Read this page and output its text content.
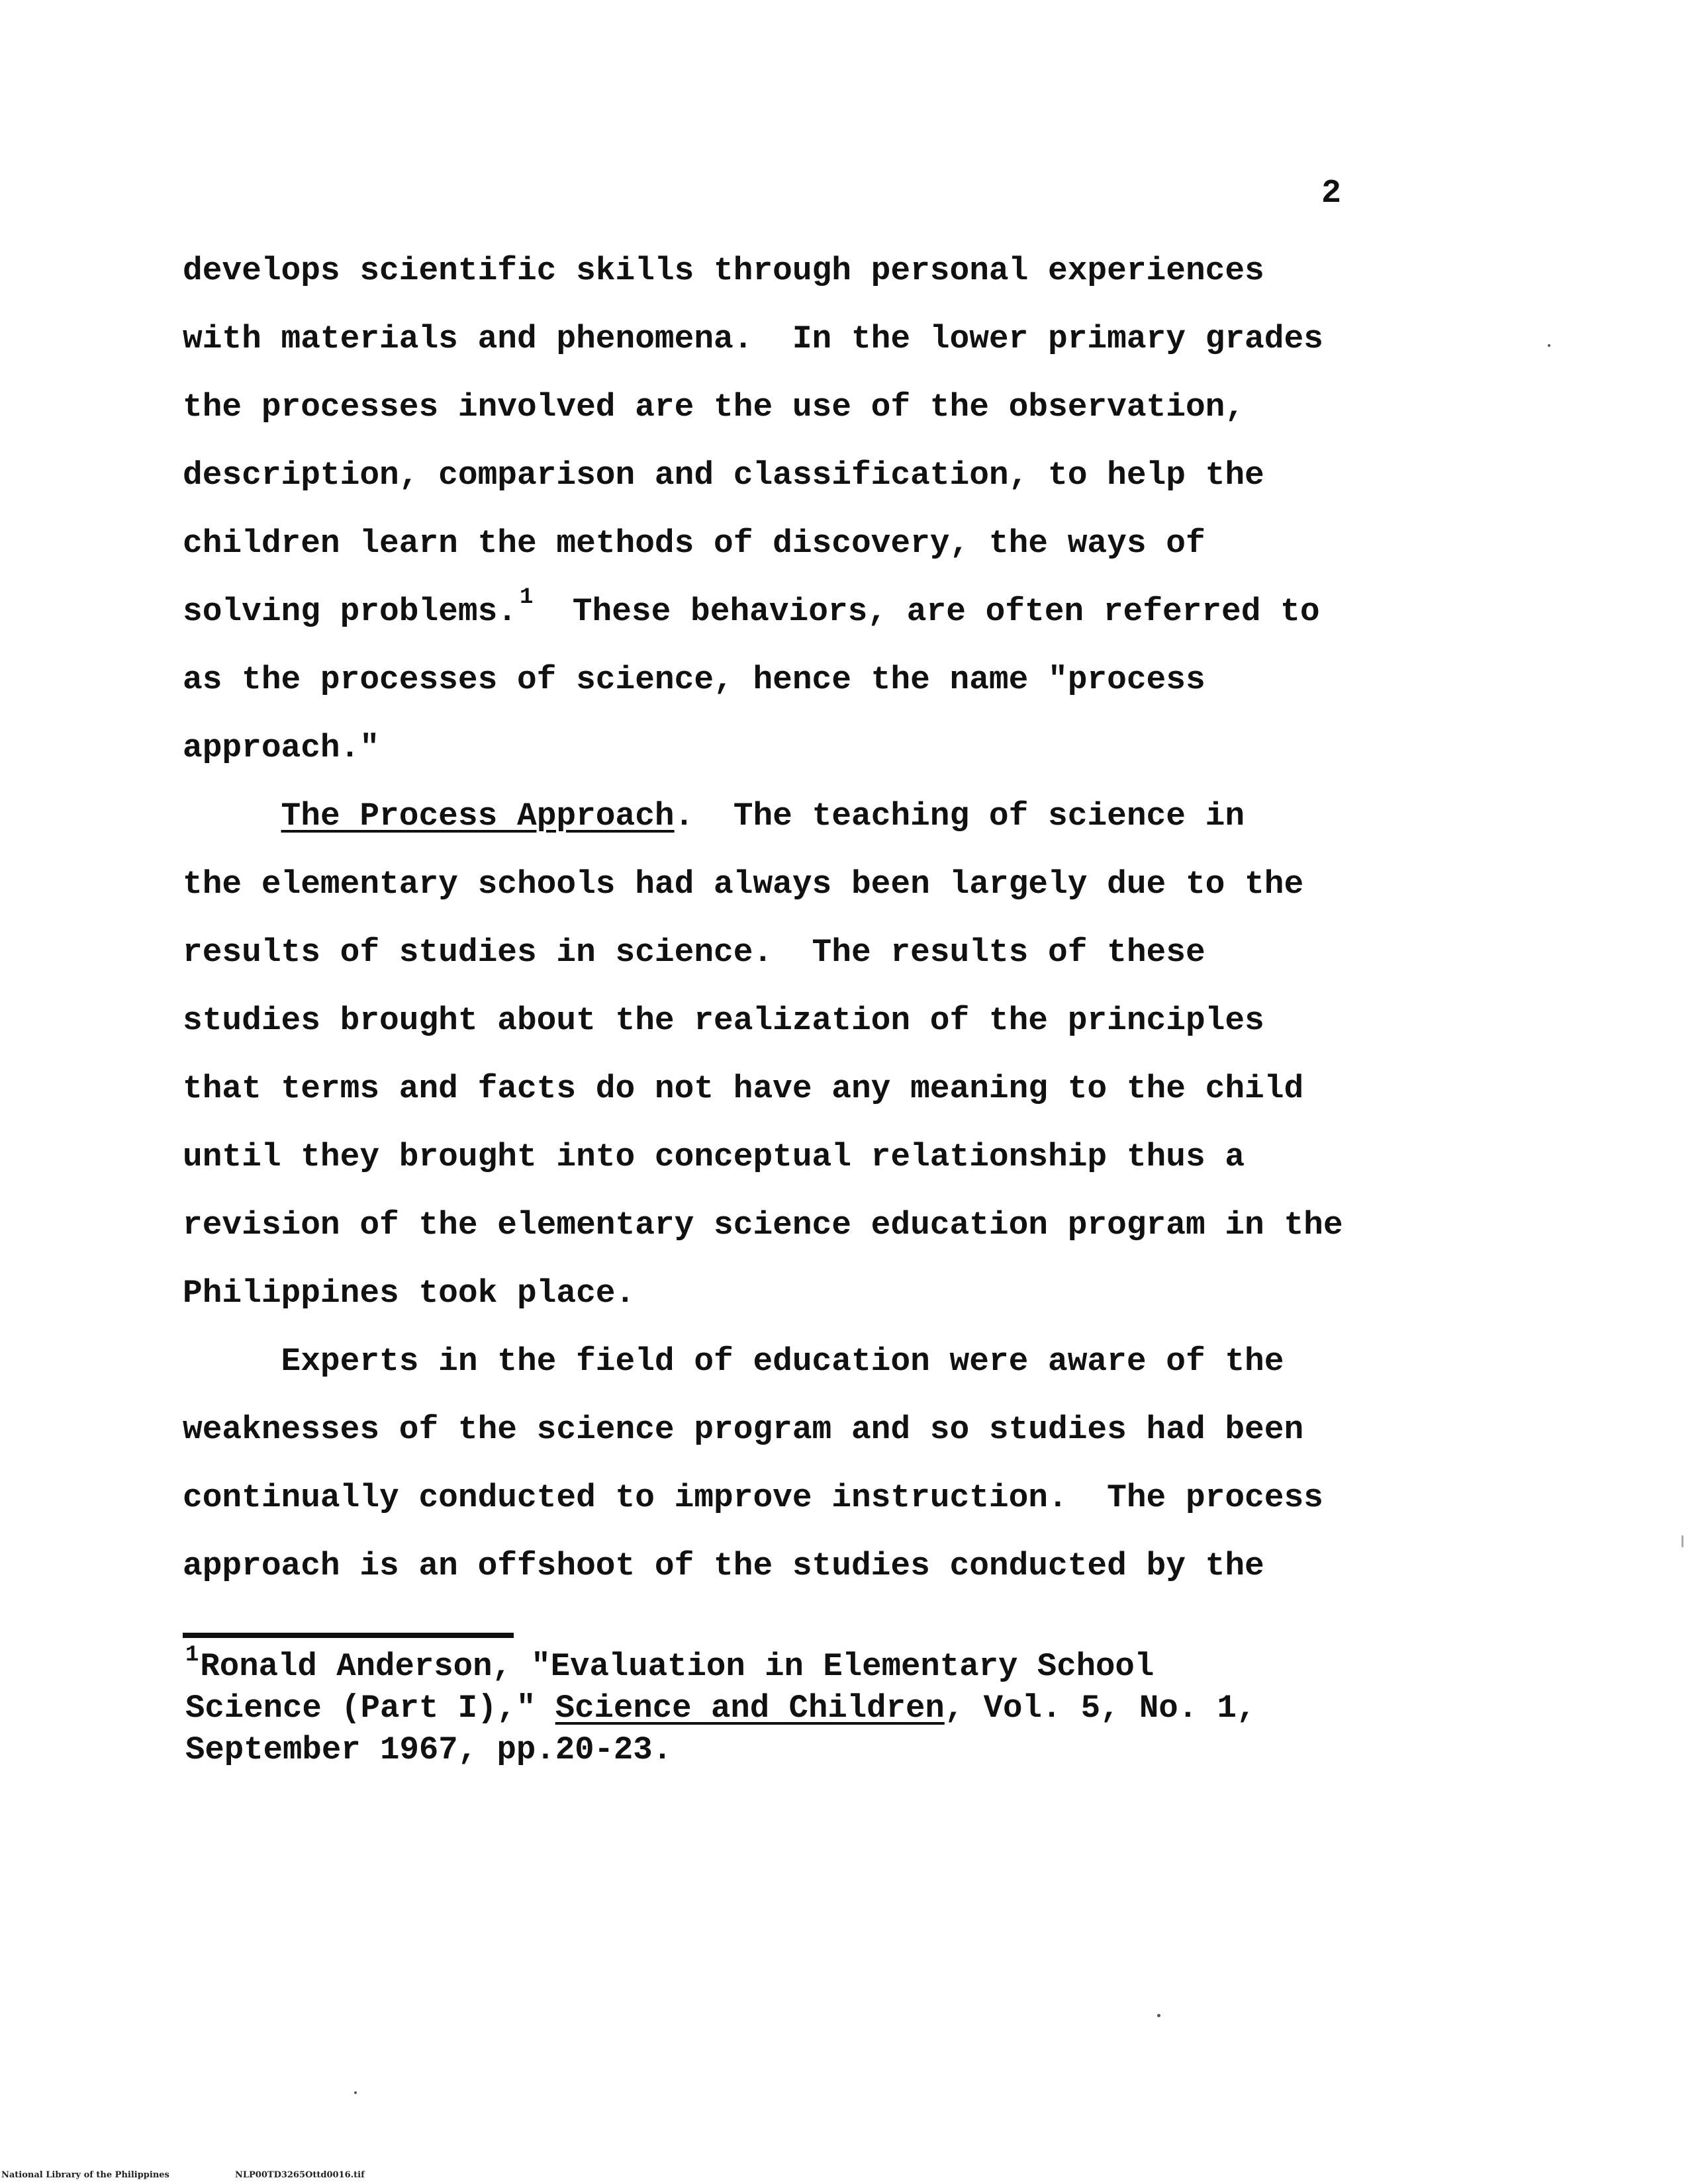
2
develops scientific skills through personal experiences
with materials and phenomena.  In the lower primary grades
the processes involved are the use of the observation,
description, comparison and classification, to help the
children learn the methods of discovery, the ways of
solving problems. $^1$  These behaviors, are often referred to
as the processes of science, hence the name "process
approach."
The Process Approach.  The teaching of science in
the elementary schools had always been largely due to the
results of studies in science.  The results of these
studies brought about the realization of the principles
that terms and facts do not have any meaning to the child
until they brought into conceptual relationship thus a
revision of the elementary science education program in the
Philippines took place.
Experts in the field of education were aware of the
weaknesses of the science program and so studies had been
continually conducted to improve instruction.  The process
approach is an offshoot of the studies conducted by the
$^1$Ronald Anderson, "Evaluation in Elementary School
Science (Part I)," Science and Children, Vol. 5, No. 1,
September 1967, pp.20-23.
National Library of the Philippines	NLP00TD3265Ottd0016.tif
